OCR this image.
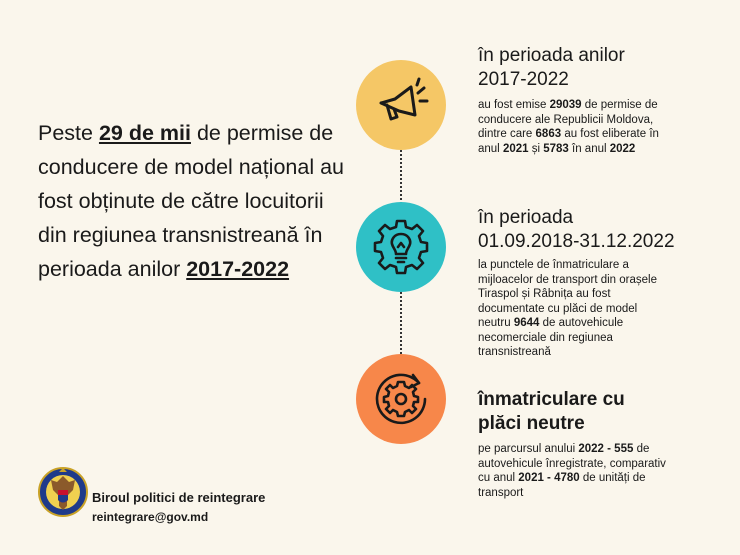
Peste 29 de mii de permise de conducere de model național au fost obținute de către locuitorii din regiunea transnistreană în perioada anilor 2017-2022
în perioada anilor
2017-2022
au fost emise 29039 de permise de conducere ale Republicii Moldova, dintre care 6863 au fost eliberate în anul 2021 și 5783 în anul 2022
în perioada
01.09.2018-31.12.2022
la punctele de înmatriculare a mijloacelor de transport din orașele Tiraspol și Râbnița au fost documentate cu plăci de model neutru 9644 de autovehicule necomerciale din regiunea transnistreană
înmatriculare cu
plăci neutre
pe parcursul anului 2022 - 555 de autovehicule înregistrate, comparativ cu anul 2021 - 4780 de unități de transport
Biroul politici de reintegrare
reintegrare@gov.md
